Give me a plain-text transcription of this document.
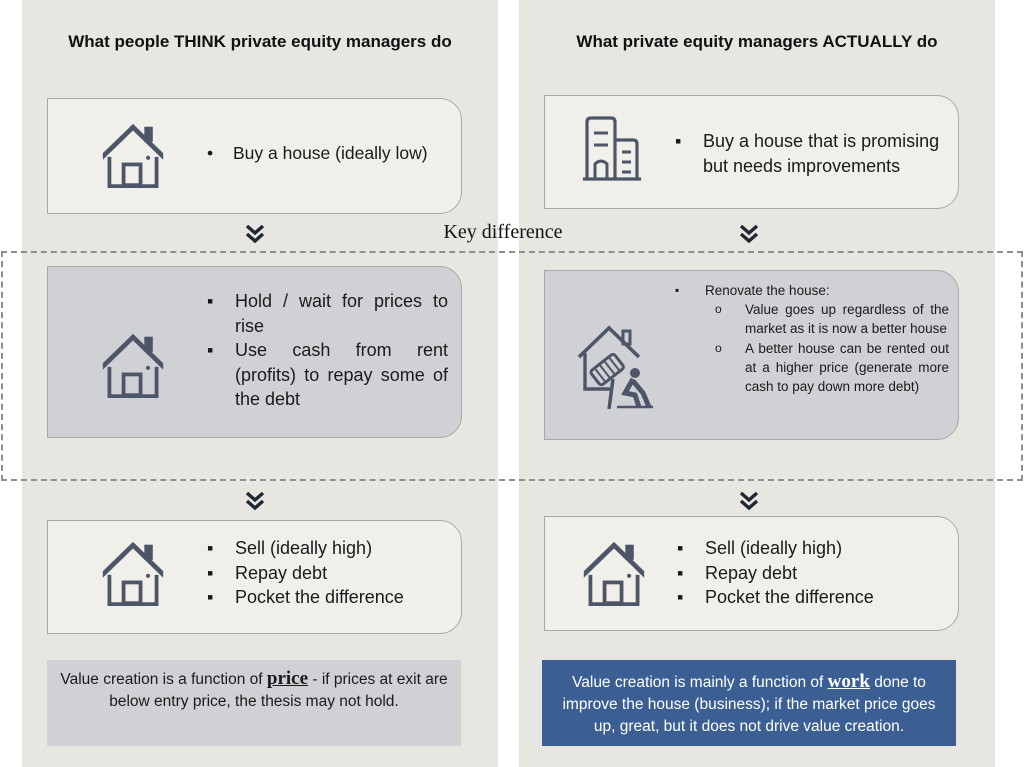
What people THINK private equity managers do
• Buy a house (ideally low)
▪ Hold / wait for prices to rise
▪ Use cash from rent (profits) to repay some of the debt
▪ Sell (ideally high)
▪ Repay debt
▪ Pocket the difference
What private equity managers ACTUALLY do
▪ Buy a house that is promising but needs improvements
▪ Renovate the house:
o Value goes up regardless of the market as it is now a better house
o A better house can be rented out at a higher price (generate more cash to pay down more debt)
▪ Sell (ideally high)
▪ Repay debt
▪ Pocket the difference
Key difference
Value creation is a function of price - if prices at exit are below entry price, the thesis may not hold.
Value creation is mainly a function of work done to improve the house (business); if the market price goes up, great, but it does not drive value creation.
